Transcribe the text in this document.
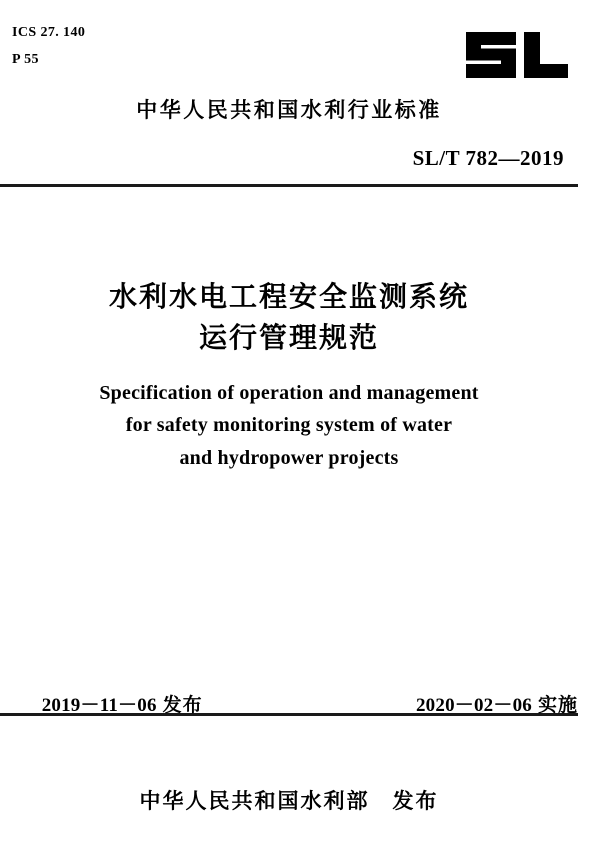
ICS 27. 140
P 55
中华人民共和国水利行业标准
SL/T 782—2019
水利水电工程安全监测系统
运行管理规范
Specification of operation and management
for safety monitoring system of water
and hydropower projects

2019－11－06 发布
	2020－02－06 实施

中华人民共和国水利部　发布
